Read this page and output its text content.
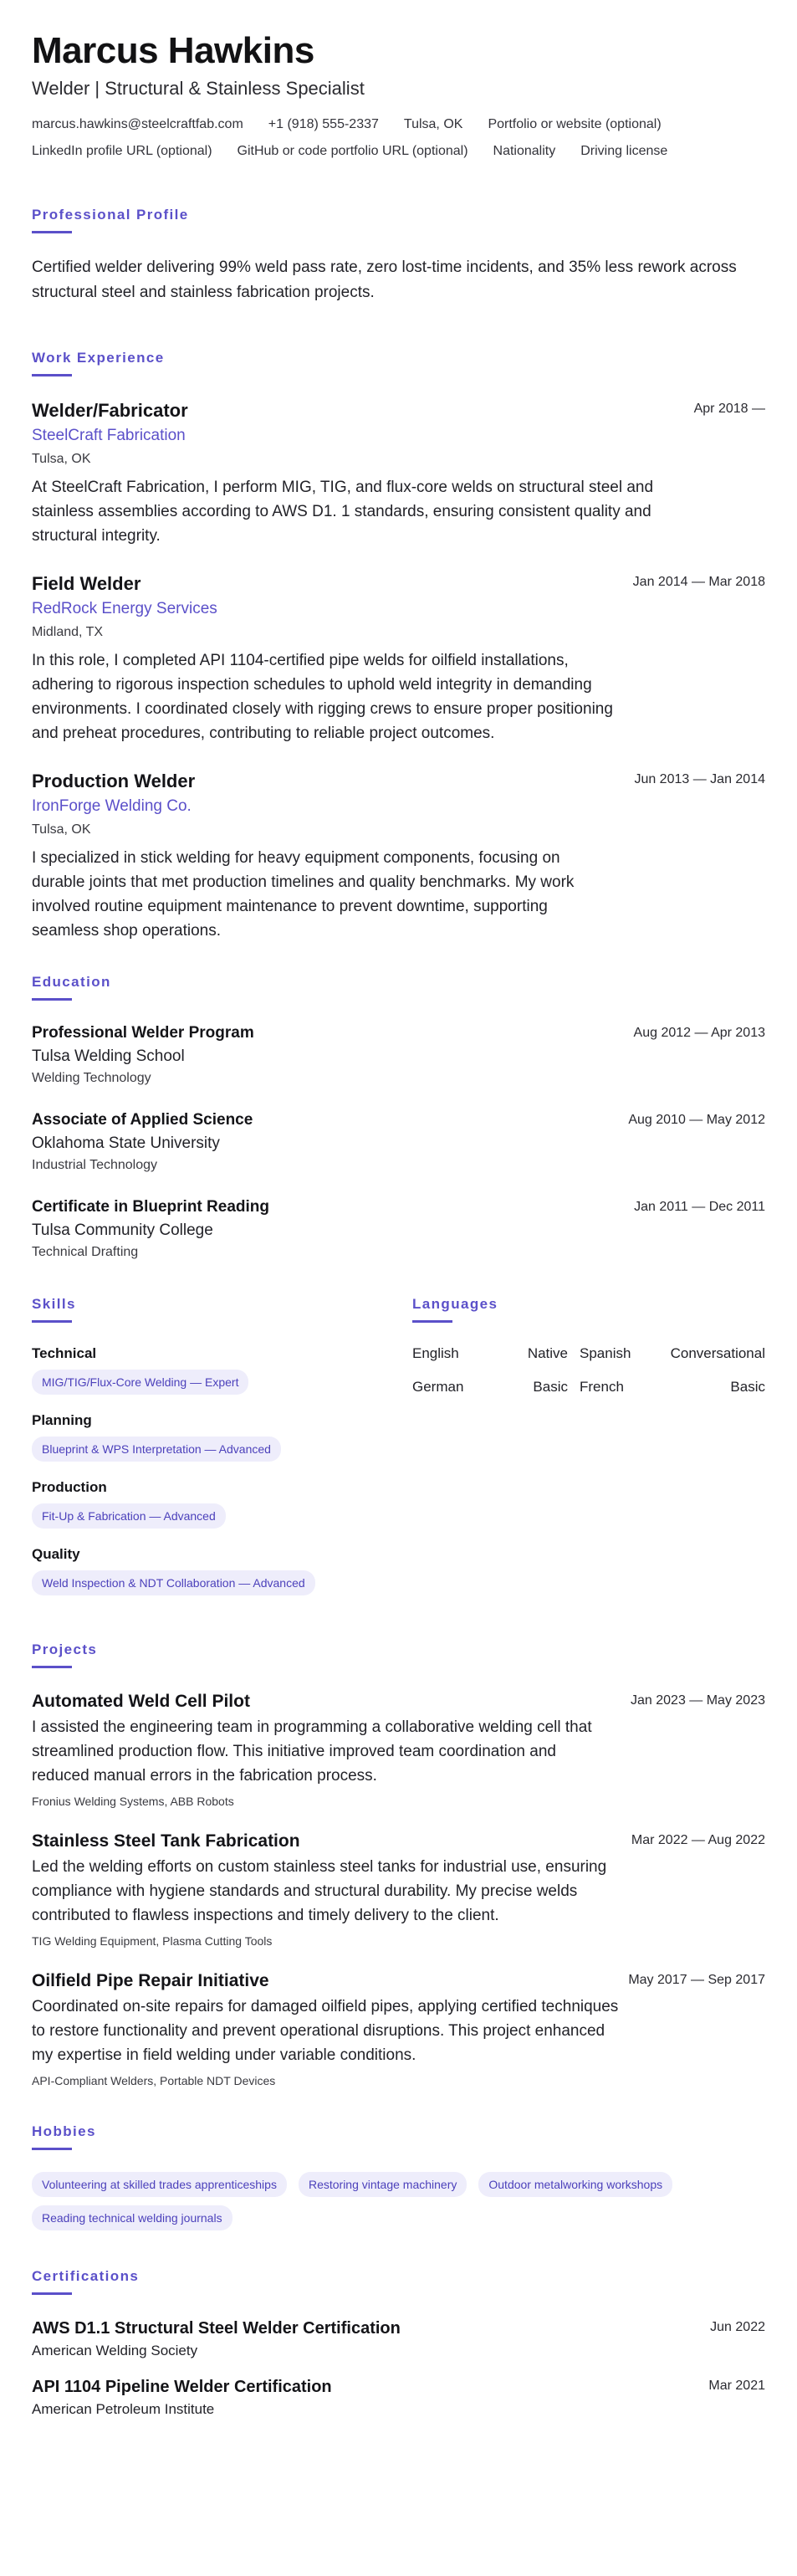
Marcus Hawkins
Welder | Structural & Stainless Specialist
marcus.hawkins@steelcraftfab.com +1 (918) 555-2337 Tulsa, OK Portfolio or website (optional)
LinkedIn profile URL (optional) GitHub or code portfolio URL (optional) Nationality Driving license
Professional Profile

Certified welder delivering 99% weld pass rate, zero lost-time incidents, and 35% less rework across structural steel and stainless fabrication projects.

Work Experience
Apr 2018 —
Welder/Fabricator
SteelCraft Fabrication
Tulsa, OK

At SteelCraft Fabrication, I perform MIG, TIG, and flux-core welds on structural steel and stainless assemblies according to AWS D1. 1 standards, ensuring consistent quality and structural integrity.

Jan 2014 — Mar 2018
Field Welder
RedRock Energy Services
Midland, TX

In this role, I completed API 1104-certified pipe welds for oilfield installations, adhering to rigorous inspection schedules to uphold weld integrity in demanding environments. I coordinated closely with rigging crews to ensure proper positioning and preheat procedures, contributing to reliable project outcomes.

Jun 2013 — Jan 2014
Production Welder
IronForge Welding Co.
Tulsa, OK

I specialized in stick welding for heavy equipment components, focusing on durable joints that met production timelines and quality benchmarks. My work involved routine equipment maintenance to prevent downtime, supporting seamless shop operations.

Education
Aug 2012 — Apr 2013
Professional Welder Program
Tulsa Welding School
Welding Technology
Aug 2010 — May 2012
Associate of Applied Science
Oklahoma State University
Industrial Technology
Jan 2011 — Dec 2011
Certificate in Blueprint Reading
Tulsa Community College
Technical Drafting
Skills
Technical
MIG/TIG/Flux-Core Welding — Expert
Planning
Blueprint & WPS Interpretation — Advanced
Production
Fit-Up & Fabrication — Advanced
Quality
Weld Inspection & NDT Collaboration — Advanced
Languages
English	Native Spanish	Conversational
German	Basic French	Basic
Projects
Jan 2023 — May 2023
Automated Weld Cell Pilot

I assisted the engineering team in programming a collaborative welding cell that streamlined production flow. This initiative improved team coordination and reduced manual errors in the fabrication process.

Fronius Welding Systems, ABB Robots
Mar 2022 — Aug 2022
Stainless Steel Tank Fabrication

Led the welding efforts on custom stainless steel tanks for industrial use, ensuring compliance with hygiene standards and structural durability. My precise welds contributed to flawless inspections and timely delivery to the client.

TIG Welding Equipment, Plasma Cutting Tools
May 2017 — Sep 2017
Oilfield Pipe Repair Initiative

Coordinated on-site repairs for damaged oilfield pipes, applying certified techniques to restore functionality and prevent operational disruptions. This project enhanced my expertise in field welding under variable conditions.

API-Compliant Welders, Portable NDT Devices
Hobbies
Volunteering at skilled trades apprenticeships	Restoring vintage machinery	Outdoor metalworking workshops
Reading technical welding journals
Certifications
Jun 2022
AWS D1.1 Structural Steel Welder Certification
American Welding Society
Mar 2021
API 1104 Pipeline Welder Certification
American Petroleum Institute
